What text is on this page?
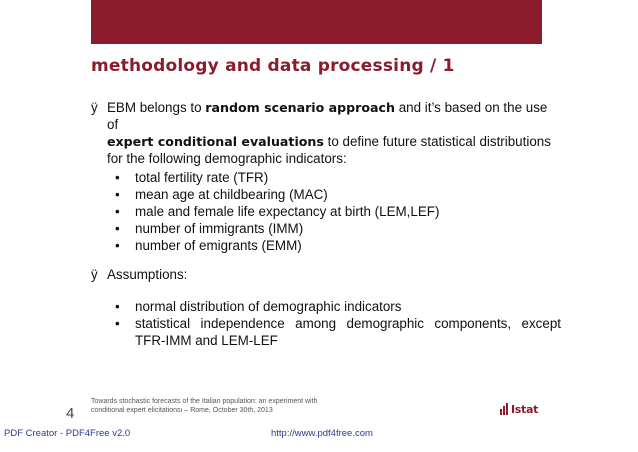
methodology and data processing / 1
ÿ EBM belongs to random scenario approach and it’s based on the use of
expert conditional evaluations to define future statistical distributions for the following demographic indicators:
• total fertility rate (TFR)
• mean age at childbearing (MAC)
• male and female life expectancy at birth (LEM,LEF)
• number of immigrants (IMM)
• number of emigrants (EMM)
ÿ Assumptions:
• normal distribution of demographic indicators
• statistical independence among demographic components, except
TFR-IMM and LEM-LEF
4
Towards stochastic forecasts of the Italian population: an experiment with
conditional expert elicitationsı – Rome, October 30th, 2013	Istat
PDF Creator - PDF4Free v2.0	http://www.pdf4free.com
